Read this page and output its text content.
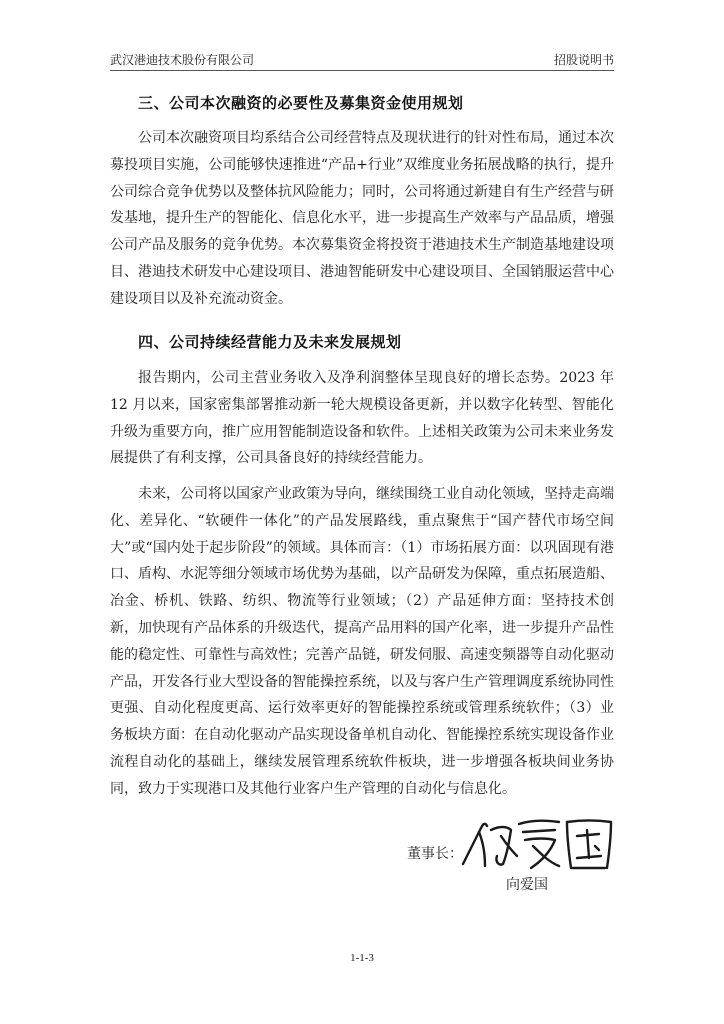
武汉港迪技术股份有限公司	招股说明书
三、公司本次融资的必要性及募集资金使用规划

公司本次融资项目均系结合公司经营特点及现状进行的针对性布局，通过本次募投项目实施，公司能够快速推进“产品+行业”双维度业务拓展战略的执行，提升公司综合竞争优势以及整体抗风险能力；同时，公司将通过新建自有生产经营与研发基地，提升生产的智能化、信息化水平，进一步提高生产效率与产品品质，增强公司产品及服务的竞争优势。本次募集资金将投资于港迪技术生产制造基地建设项目、港迪技术研发中心建设项目、港迪智能研发中心建设项目、全国销服运营中心建设项目以及补充流动资金。

四、公司持续经营能力及未来发展规划

报告期内，公司主营业务收入及净利润整体呈现良好的增长态势。2023 年 12 月以来，国家密集部署推动新一轮大规模设备更新，并以数字化转型、智能化升级为重要方向，推广应用智能制造设备和软件。上述相关政策为公司未来业务发展提供了有利支撑，公司具备良好的持续经营能力。

未来，公司将以国家产业政策为导向，继续围绕工业自动化领域，坚持走高端化、差异化、“软硬件一体化”的产品发展路线，重点聚焦于“国产替代市场空间大”或“国内处于起步阶段”的领域。具体而言：（1）市场拓展方面：以巩固现有港口、盾构、水泥等细分领域市场优势为基础，以产品研发为保障，重点拓展造船、冶金、桥机、铁路、纺织、物流等行业领域；（2）产品延伸方面：坚持技术创新，加快现有产品体系的升级迭代，提高产品用料的国产化率，进一步提升产品性能的稳定性、可靠性与高效性；完善产品链，研发伺服、高速变频器等自动化驱动产品，开发各行业大型设备的智能操控系统，以及与客户生产管理调度系统协同性更强、自动化程度更高、运行效率更好的智能操控系统或管理系统软件；（3）业务板块方面：在自动化驱动产品实现设备单机自动化、智能操控系统实现设备作业流程自动化的基础上，继续发展管理系统软件板块，进一步增强各板块间业务协同，致力于实现港口及其他行业客户生产管理的自动化与信息化。

董事长：
向爱国
1-1-3
